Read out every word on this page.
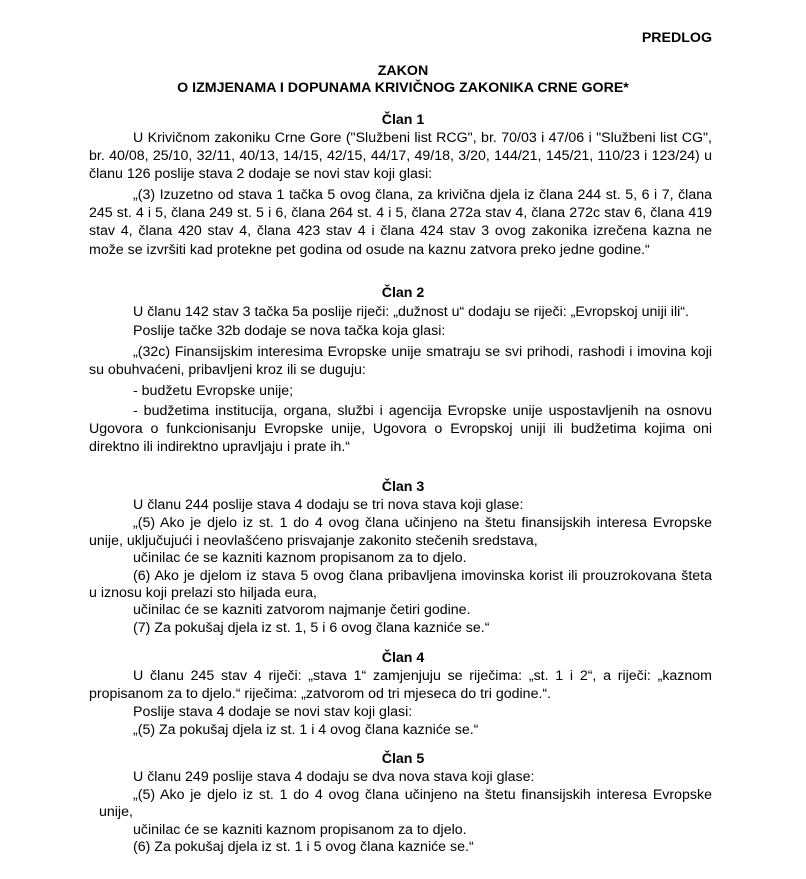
PREDLOG
ZAKON
O IZMJENAMA I DOPUNAMA KRIVIČNOG ZAKONIKA CRNE GORE*
Član 1

U Krivičnom zakoniku Crne Gore ("Službeni list RCG", br. 70/03 i 47/06 i "Službeni list CG", br. 40/08, 25/10, 32/11, 40/13, 14/15, 42/15, 44/17, 49/18, 3/20, 144/21, 145/21, 110/23 i 123/24) u članu 126 poslije stava 2 dodaje se novi stav koji glasi:

„(3) Izuzetno od stava 1 tačka 5 ovog člana, za krivična djela iz člana 244 st. 5, 6 i 7, člana 245 st. 4 i 5, člana 249 st. 5 i 6, člana 264 st. 4 i 5, člana 272a stav 4, člana 272c stav 6, člana 419 stav 4, člana 420 stav 4, člana 423 stav 4 i člana 424 stav 3 ovog zakonika izrečena kazna ne može se izvršiti kad protekne pet godina od osude na kaznu zatvora preko jedne godine.“

Član 2

U članu 142 stav 3 tačka 5a poslije riječi: „dužnost u“ dodaju se riječi: „Evropskoj uniji ili“.

Poslije tačke 32b dodaje se nova tačka koja glasi:

„(32c) Finansijskim interesima Evropske unije smatraju se svi prihodi, rashodi i imovina koji su obuhvaćeni, pribavljeni kroz ili se duguju:

- budžetu Evropske unije;

- budžetima institucija, organa, službi i agencija Evropske unije uspostavljenih na osnovu Ugovora o funkcionisanju Evropske unije, Ugovora o Evropskoj uniji ili budžetima kojima oni direktno ili indirektno upravljaju i prate ih.“

Član 3

U članu 244 poslije stava 4 dodaju se tri nova stava koji glase:

„(5) Ako je djelo iz st. 1 do 4 ovog člana učinjeno na štetu finansijskih interesa Evropske

unije, uključujući i neovlašćeno prisvajanje zakonito stečenih sredstava,

učinilac će se kazniti kaznom propisanom za to djelo.

(6) Ako je djelom iz stava 5 ovog člana pribavljena imovinska korist ili prouzrokovana šteta

u iznosu koji prelazi sto hiljada eura,

učinilac će se kazniti zatvorom najmanje četiri godine.

(7) Za pokušaj djela iz st. 1, 5 i 6 ovog člana kazniće se.“

Član 4

U članu 245 stav 4 riječi: „stava 1“ zamjenjuju se riječima: „st. 1 i 2“, a riječi: „kaznom propisanom za to djelo.“ riječima: „zatvorom od tri mjeseca do tri godine.“.

Poslije stava 4 dodaje se novi stav koji glasi:

„(5) Za pokušaj djela iz st. 1 i 4 ovog člana kazniće se.“

Član 5

U članu 249 poslije stava 4 dodaju se dva nova stava koji glase:

„(5) Ako je djelo iz st. 1 do 4 ovog člana učinjeno na štetu finansijskih interesa Evropske

unije,

učinilac će se kazniti kaznom propisanom za to djelo.

(6) Za pokušaj djela iz st. 1 i 5 ovog člana kazniće se.“
